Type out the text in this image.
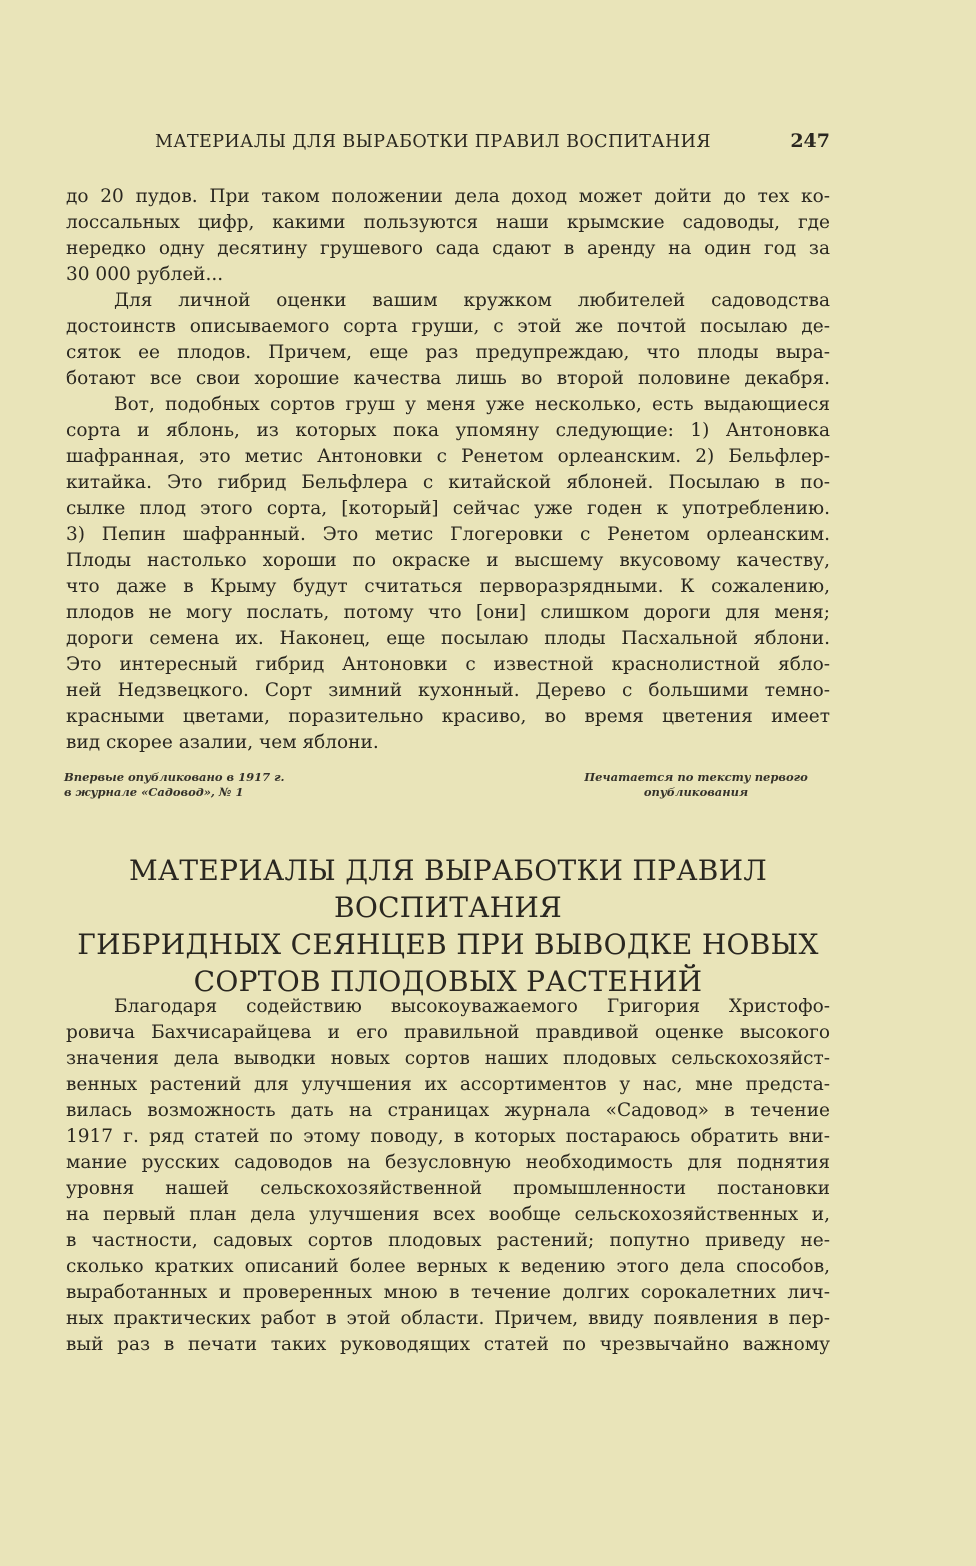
МАТЕРИАЛЫ ДЛЯ ВЫРАБОТКИ ПРАВИЛ ВОСПИТАНИЯ	247
до 20 пудов. При таком положении дела доход может дойти до тех ко-
лоссальных цифр, какими пользуются наши крымские садоводы, где
нередко одну десятину грушевого сада сдают в аренду на один год за
30 000 рублей...
Для личной оценки вашим кружком любителей садоводства
достоинств описываемого сорта груши, с этой же почтой посылаю де-
сяток ее плодов. Причем, еще раз предупреждаю, что плоды выра-
ботают все свои хорошие качества лишь во второй половине декабря.
Вот, подобных сортов груш у меня уже несколько, есть выдающиеся
сорта и яблонь, из которых пока упомяну следующие: 1) Антоновка
шафранная, это метис Антоновки с Ренетом орлеанским. 2) Бельфлер-
китайка. Это гибрид Бельфлера с китайской яблоней. Посылаю в по-
сылке плод этого сорта, [который] сейчас уже годен к употреблению.
3) Пепин шафранный. Это метис Глогеровки с Ренетом орлеанским.
Плоды настолько хороши по окраске и высшему вкусовому качеству,
что даже в Крыму будут считаться перворазрядными. К сожалению,
плодов не могу послать, потому что [они] слишком дороги для меня;
дороги семена их. Наконец, еще посылаю плоды Пасхальной яблони.
Это интересный гибрид Антоновки с известной краснолистной ябло-
ней Недзвецкого. Сорт зимний кухонный. Дерево с большими темно-
красными цветами, поразительно красиво, во время цветения имеет
вид скорее азалии, чем яблони.
Впервые опубликовано в 1917 г.
в журнале «Садовод», № 1
Печатается по тексту первого
опубликования
МАТЕРИАЛЫ ДЛЯ ВЫРАБОТКИ ПРАВИЛ ВОСПИТАНИЯ
ГИБРИДНЫХ СЕЯНЦЕВ ПРИ ВЫВОДКЕ НОВЫХ
СОРТОВ ПЛОДОВЫХ РАСТЕНИЙ
Благодаря содействию высокоуважаемого Григория Христофо-
ровича Бахчисарайцева и его правильной правдивой оценке высокого
значения дела выводки новых сортов наших плодовых сельскохозяйст-
венных растений для улучшения их ассортиментов у нас, мне предста-
вилась возможность дать на страницах журнала «Садовод» в течение
1917 г. ряд статей по этому поводу, в которых постараюсь обратить вни-
мание русских садоводов на безусловную необходимость для поднятия
уровня нашей сельскохозяйственной промышленности постановки
на первый план дела улучшения всех вообще сельскохозяйственных и,
в частности, садовых сортов плодовых растений; попутно приведу не-
сколько кратких описаний более верных к ведению этого дела способов,
выработанных и проверенных мною в течение долгих сорокалетних лич-
ных практических работ в этой области. Причем, ввиду появления в пер-
вый раз в печати таких руководящих статей по чрезвычайно важному
